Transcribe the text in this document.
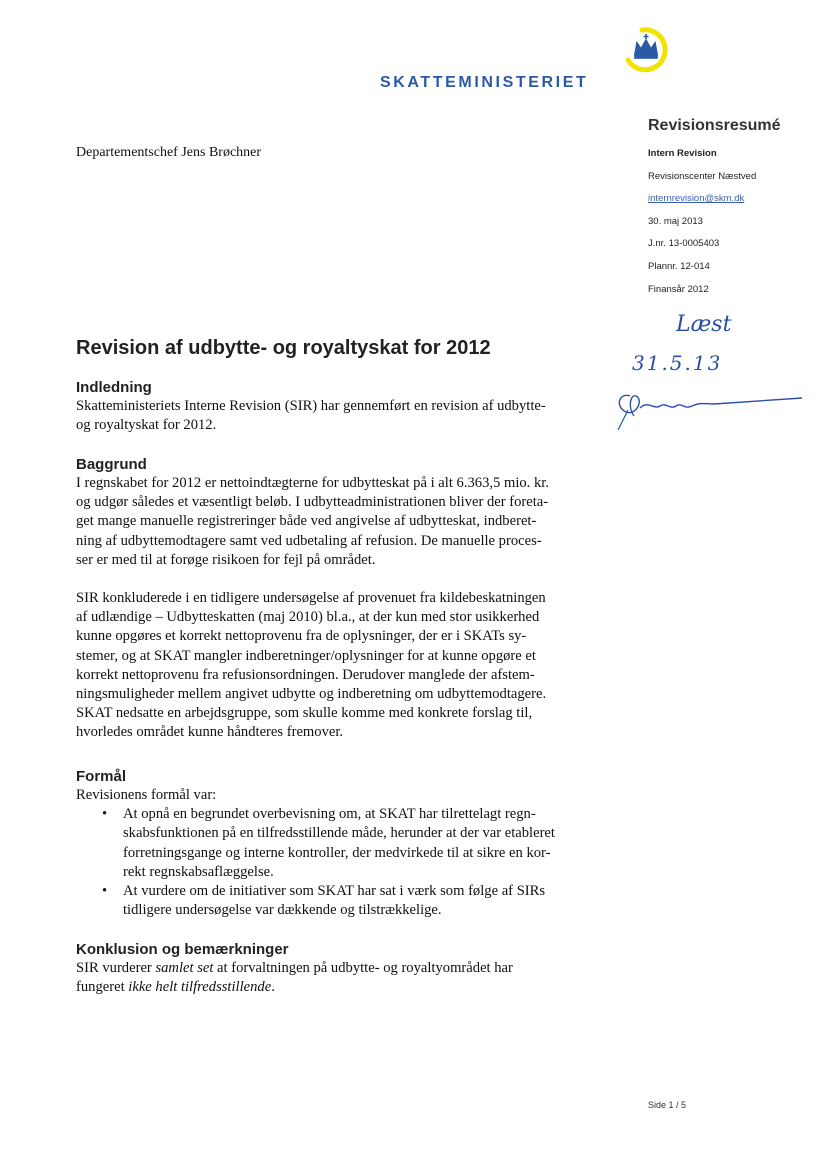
SKATTEMINISTERIET
Revisionsresumé
Intern Revision
Revisionscenter Næstved
internrevision@skm.dk
30. maj 2013
J.nr. 13-0005403
Plannr. 12-014
Finansår 2012
Departementschef Jens Brøchner
Læst
31.5.13
Revision af udbytte- og royaltyskat for 2012
Indledning

Skatteministeriets Interne Revision (SIR) har gennemført en revision af udbytte-

og royaltyskat for 2012.

Baggrund

I regnskabet for 2012 er nettoindtægterne for udbytteskat på i alt 6.363,5 mio. kr.

og udgør således et væsentligt beløb. I udbytteadministrationen bliver der foreta-

get mange manuelle registreringer både ved angivelse af udbytteskat, indberet-

ning af udbyttemodtagere samt ved udbetaling af refusion. De manuelle proces-

ser er med til at forøge risikoen for fejl på området.

SIR konkluderede i en tidligere undersøgelse af provenuet fra kildebeskatningen

af udlændige – Udbytteskatten (maj 2010) bl.a., at der kun med stor usikkerhed

kunne opgøres et korrekt nettoprovenu fra de oplysninger, der er i SKATs sy-

stemer, og at SKAT mangler indberetninger/oplysninger for at kunne opgøre et

korrekt nettoprovenu fra refusionsordningen. Derudover manglede der afstem-

ningsmuligheder mellem angivet udbytte og indberetning om udbyttemodtagere.

SKAT nedsatte en arbejdsgruppe, som skulle komme med konkrete forslag til,

hvorledes området kunne håndteres fremover.

Formål

Revisionens formål var:

• At opnå en begrundet overbevisning om, at SKAT har tilrettelagt regn-
skabsfunktionen på en tilfredsstillende måde, herunder at der var etableret
forretningsgange og interne kontroller, der medvirkede til at sikre en kor-
rekt regnskabsaflæggelse.
• At vurdere om de initiativer som SKAT har sat i værk som følge af SIRs
tidligere undersøgelse var dækkende og tilstrækkelige.
Konklusion og bemærkninger

SIR vurderer samlet set at forvaltningen på udbytte- og royaltyområdet har

fungeret ikke helt tilfredsstillende.

Side 1 / 5
